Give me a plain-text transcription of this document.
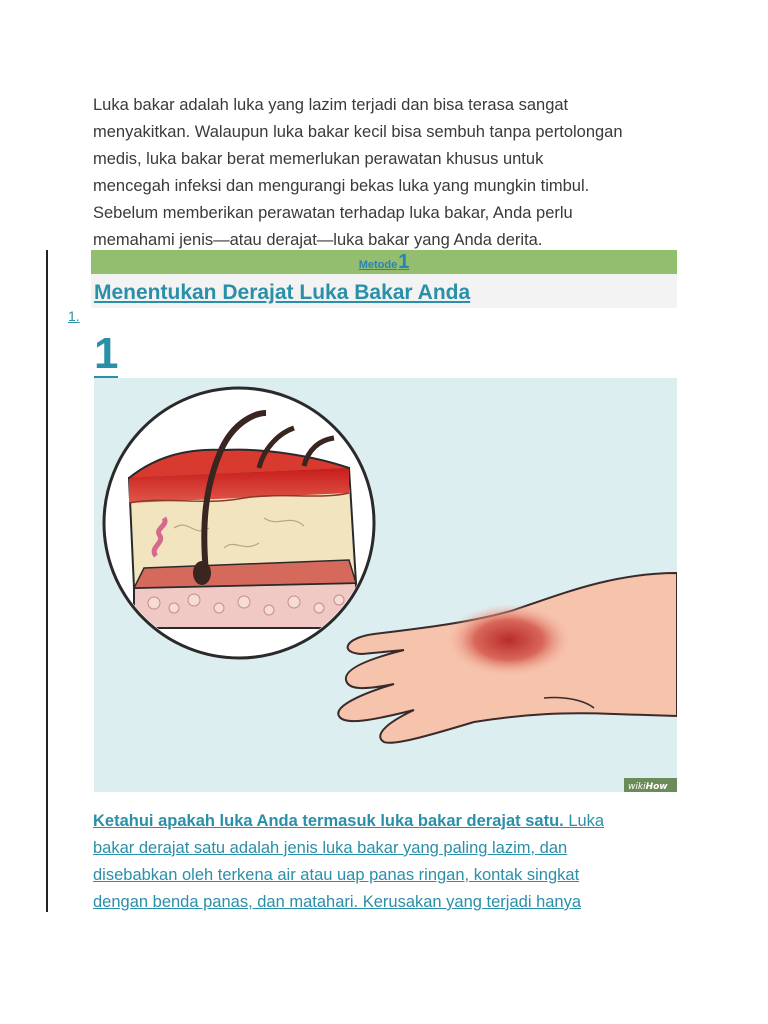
Luka bakar adalah luka yang lazim terjadi dan bisa terasa sangat
menyakitkan. Walaupun luka bakar kecil bisa sembuh tanpa pertolongan
medis, luka bakar berat memerlukan perawatan khusus untuk
mencegah infeksi dan mengurangi bekas luka yang mungkin timbul.
Sebelum memberikan perawatan terhadap luka bakar, Anda perlu
memahami jenis—atau derajat—luka bakar yang Anda derita.

Metode1
Menentukan Derajat Luka Bakar Anda
1.
1
wikiHow

Ketahui apakah luka Anda termasuk luka bakar derajat satu. Luka
bakar derajat satu adalah jenis luka bakar yang paling lazim, dan
disebabkan oleh terkena air atau uap panas ringan, kontak singkat
dengan benda panas, dan matahari. Kerusakan yang terjadi hanya
